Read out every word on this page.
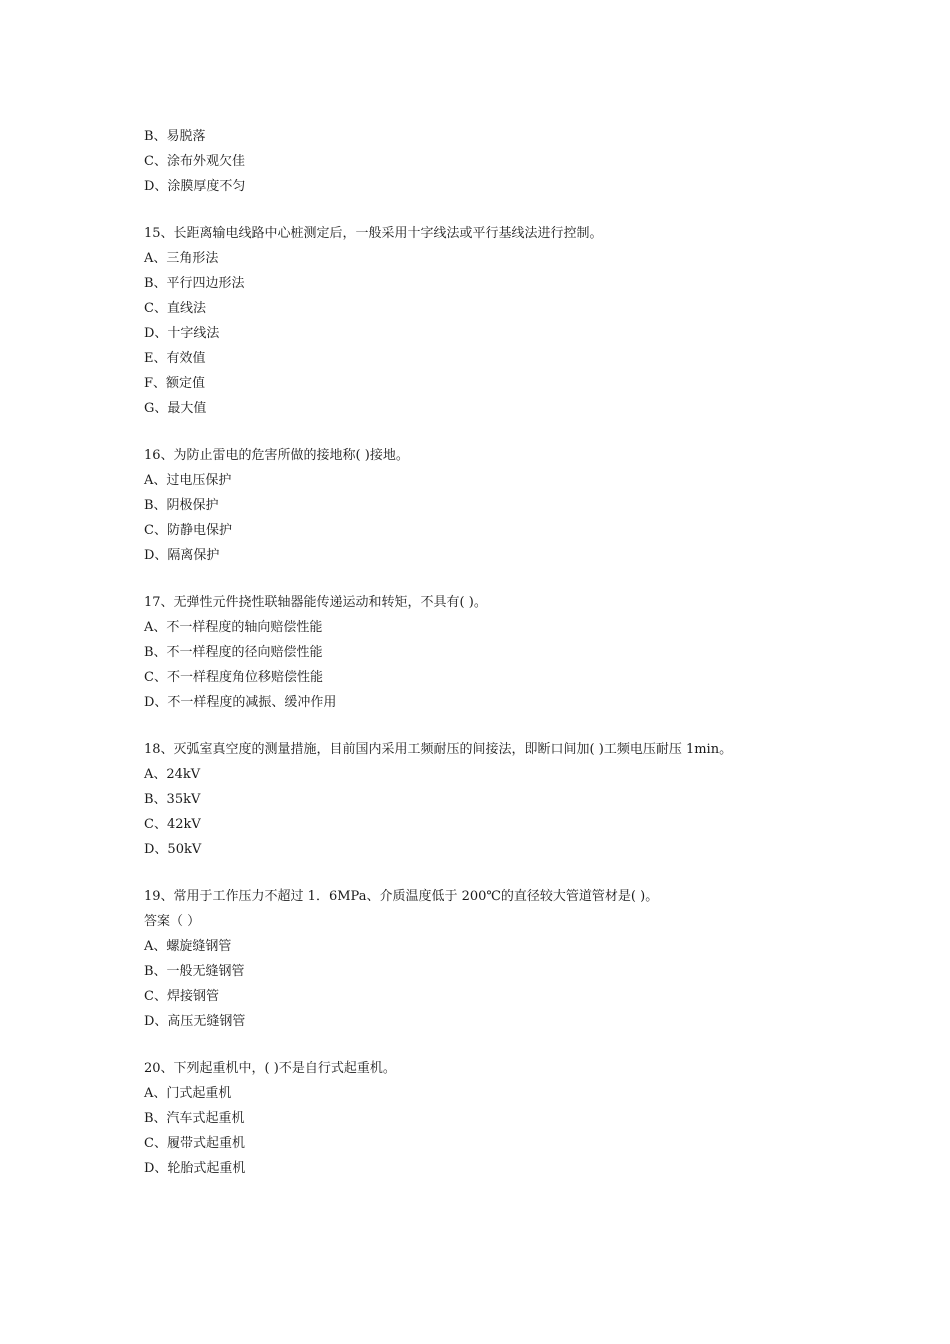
B、易脱落
C、涂布外观欠佳
D、涂膜厚度不匀
15、长距离输电线路中心桩测定后，一般采用十字线法或平行基线法进行控制。
A、三角形法
B、平行四边形法
C、直线法
D、十字线法
E、有效值
F、额定值
G、最大值
16、为防止雷电的危害所做的接地称( )接地。
A、过电压保护
B、阴极保护
C、防静电保护
D、隔离保护
17、无弹性元件挠性联轴器能传递运动和转矩，不具有( )。
A、不一样程度的轴向赔偿性能
B、不一样程度的径向赔偿性能
C、不一样程度角位移赔偿性能
D、不一样程度的减振、缓冲作用
18、灭弧室真空度的测量措施，目前国内采用工频耐压的间接法，即断口间加( )工频电压耐压 1min。
A、24kV
B、35kV
C、42kV
D、50kV
19、常用于工作压力不超过 1．6MPa、介质温度低于 200℃的直径较大管道管材是( )。
答案（ ）
A、螺旋缝钢管
B、一般无缝钢管
C、焊接钢管
D、高压无缝钢管
20、下列起重机中，( )不是自行式起重机。
A、门式起重机
B、汽车式起重机
C、履带式起重机
D、轮胎式起重机
